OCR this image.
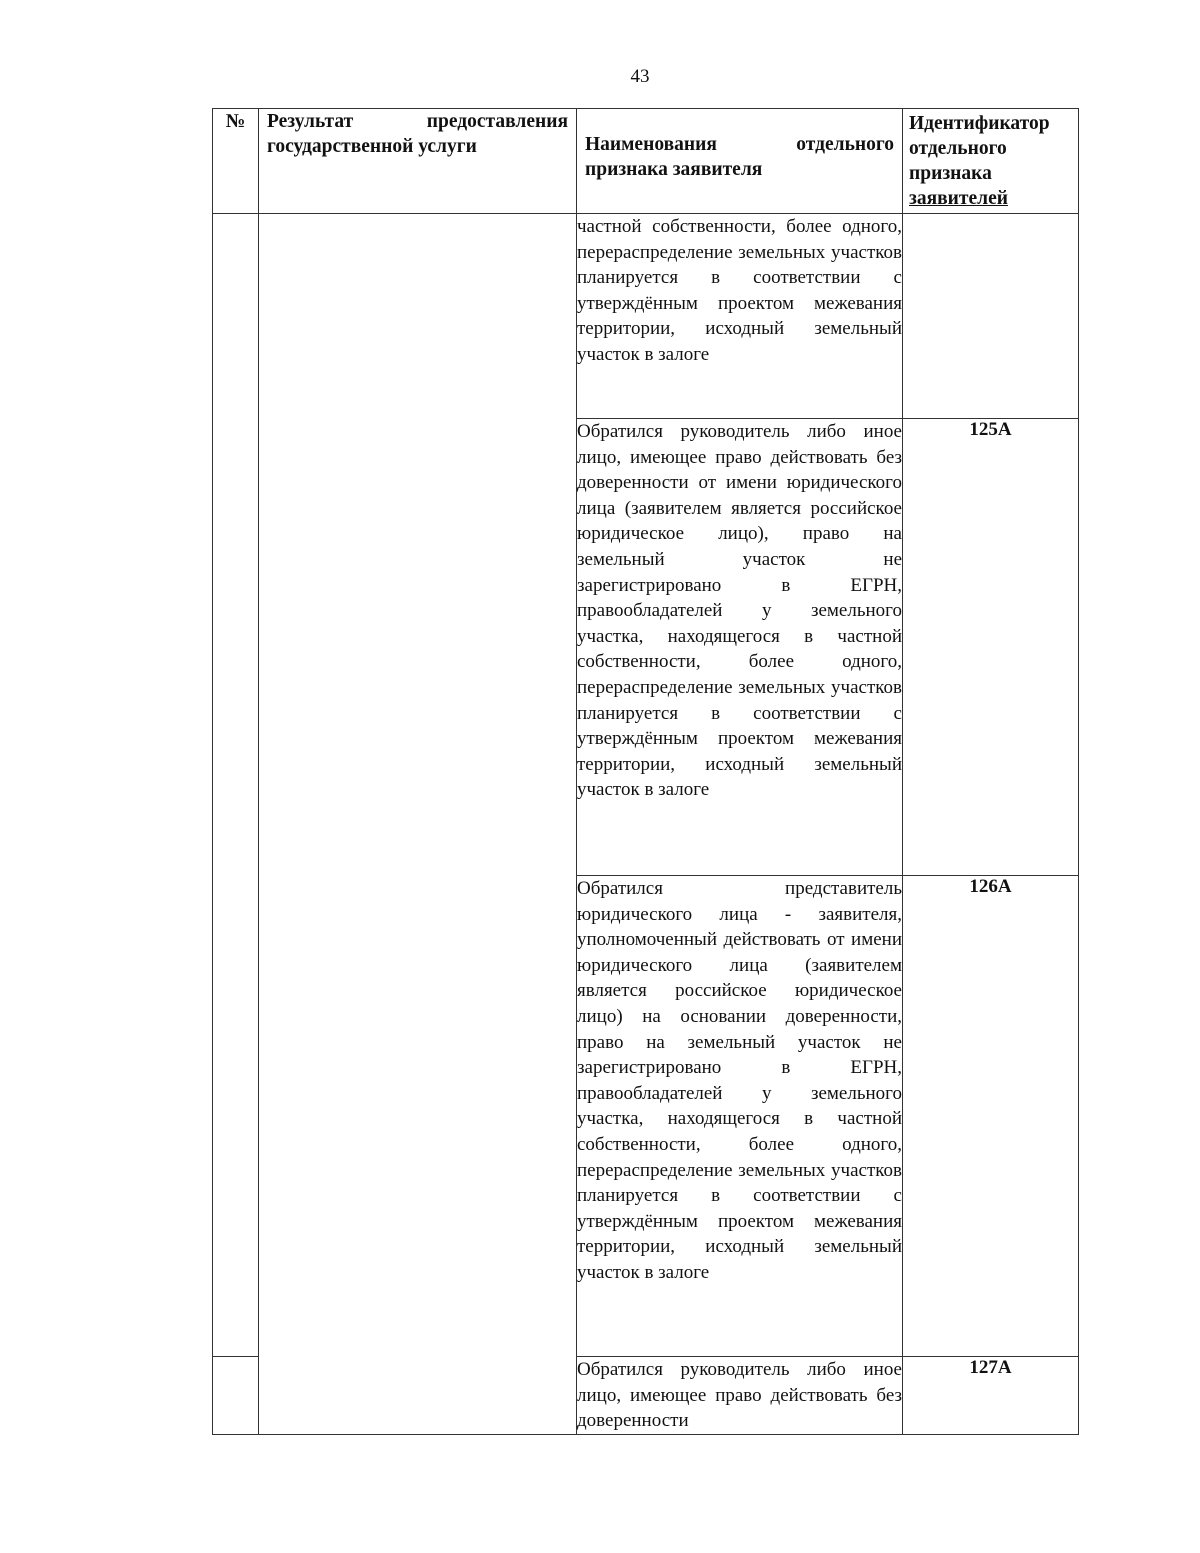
43
№	Результат предоставления государственной услуги	Наименования отдельного признака заявителя	Идентификатор
отдельного
признака
заявителей

		частной собственности, более одного, перераспределение земельных участков планируется в соответствии с утверждённым проектом межевания территории, исходный земельный участок в залоге	

		Обратился руководитель либо иное лицо, имеющее право действовать без доверенности от имени юридического лица (заявителем является российское юридическое лицо), право на земельный участок не зарегистрировано в ЕГРН, правообладателей у земельного участка, находящегося в частной собственности, более одного, перераспределение земельных участков планируется в соответствии с утверждённым проектом межевания территории, исходный земельный участок в залоге	125А

		Обратился представитель юридического лица - заявителя, уполномоченный действовать от имени юридического лица (заявителем является российское юридическое лицо) на основании доверенности, право на земельный участок не зарегистрировано в ЕГРН, правообладателей у земельного участка, находящегося в частной собственности, более одного, перераспределение земельных участков планируется в соответствии с утверждённым проектом межевания территории, исходный земельный участок в залоге	126А

		Обратился руководитель либо иное лицо, имеющее право действовать без доверенности	127А
